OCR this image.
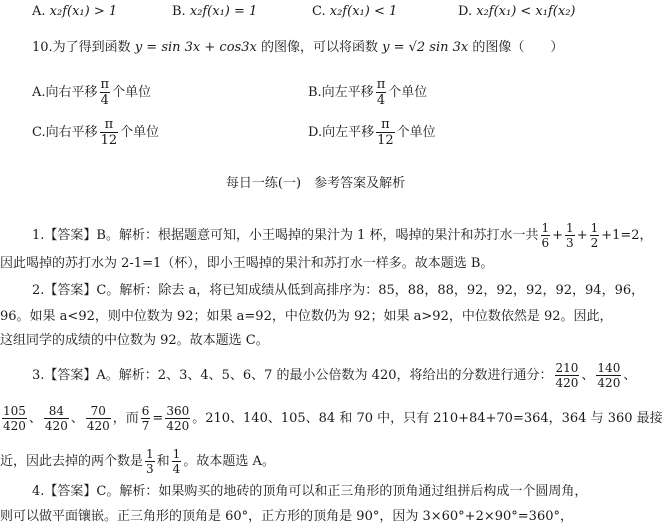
A. x₂f(x₁) > 1	B. x₂f(x₁) = 1	C. x₂f(x₁) < 1	D. x₂f(x₁) < x₁f(x₂)
10.为了得到函数 y = sin 3x + cos3x 的图像，可以将函数 y = √2 sin 3x 的图像（　　）
A.向右平移 $\frac{\pi}{4}$ 个单位	B.向左平移 $\frac{\pi}{4}$ 个单位
C.向右平移 $\frac{\pi}{12}$ 个单位	D.向左平移 $\frac{\pi}{12}$ 个单位
每日一练(一)　参考答案及解析
1.【答案】B。解析：根据题意可知，小王喝掉的果汁为 1 杯，喝掉的果汁和苏打水一共 $\frac{1}{6} + \frac{1}{3} + \frac{1}{2} +1=2$，
因此喝掉的苏打水为 2-1=1（杯），即小王喝掉的果汁和苏打水一样多。故本题选 B。
2.【答案】C。解析：除去 a，将已知成绩从低到高排序为：85，88，88，92，92，92，92，94，96，
96。如果 a<92，则中位数为 92；如果 a=92，中位数仍为 92；如果 a>92，中位数依然是 92。因此，
这组同学的成绩的中位数为 92。故本题选 C。
3.【答案】A。解析：2、3、4、5、6、7 的最小公倍数为 420，将给出的分数进行通分： $\frac{210}{420}$ 、 $\frac{140}{420}$ 、
$\frac{105}{420}$ 、 $\frac{84}{420}$ 、 $\frac{70}{420}$ ，而 $\frac{6}{7} = \frac{360}{420}$ 。210、140、105、84 和 70 中，只有 210+84+70=364，364 与 360 最接
近，因此去掉的两个数是 $\frac{1}{3}$ 和 $\frac{1}{4}$ 。故本题选 A。
4.【答案】C。解析：如果购买的地砖的顶角可以和正三角形的顶角通过组拼后构成一个圆周角，
则可以做平面镶嵌。正三角形的顶角是 60°，正方形的顶角是 90°，因为 3×60°+2×90°=360°，
